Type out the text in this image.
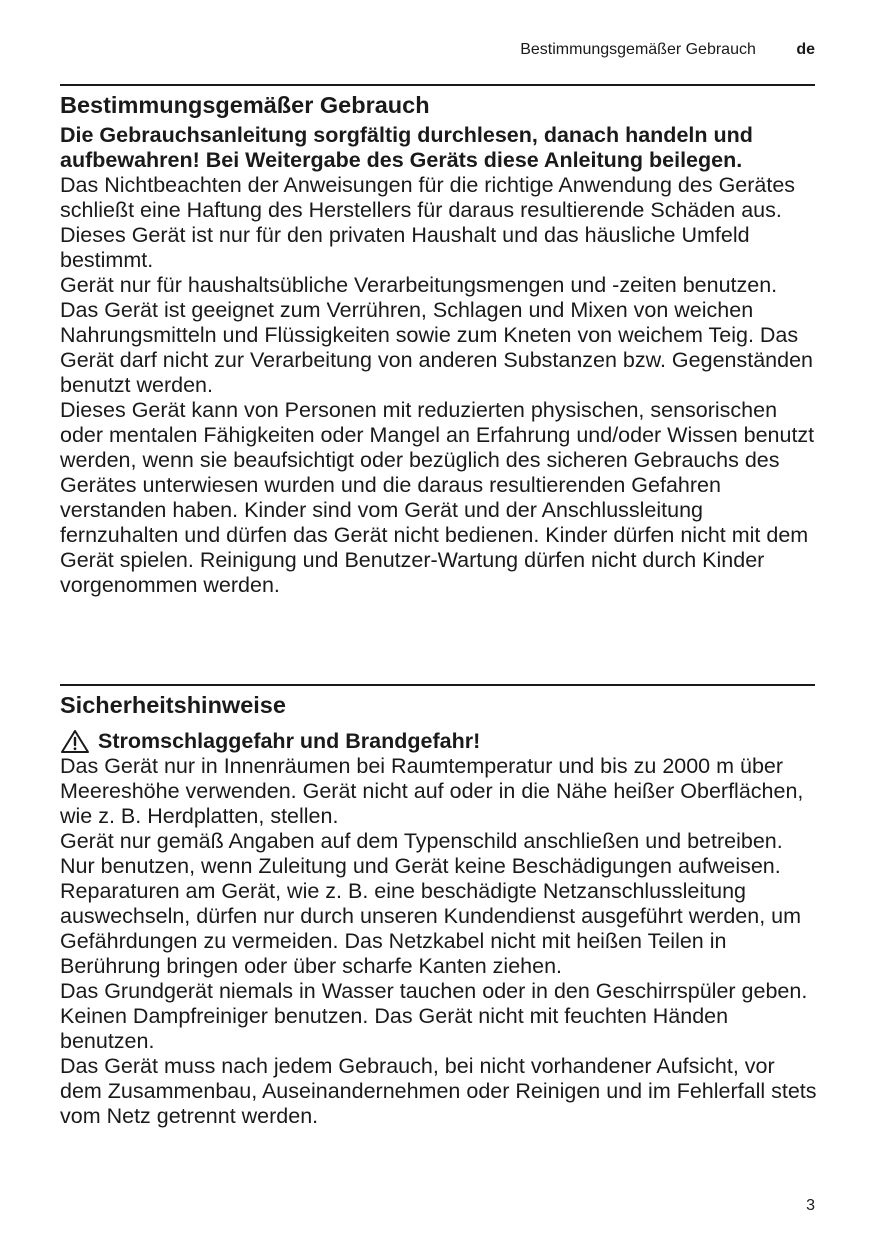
Bestimmungsgemäßer Gebrauch	de
Bestimmungsgemäßer Gebrauch

Die Gebrauchsanleitung sorgfältig durchlesen, danach handeln und aufbewahren! Bei Weitergabe des Geräts diese Anleitung beilegen.

Das Nichtbeachten der Anweisungen für die richtige Anwendung des Gerätes schließt eine Haftung des Herstellers für daraus resultierende Schäden aus.

Dieses Gerät ist nur für den privaten Haushalt und das häusliche Umfeld bestimmt.

Gerät nur für haushaltsübliche Verarbeitungsmengen und -zeiten benutzen. Das Gerät ist geeignet zum Verrühren, Schlagen und Mixen von weichen Nahrungsmitteln und Flüssigkeiten sowie zum Kneten von weichem Teig. Das Gerät darf nicht zur Verarbeitung von anderen Substanzen bzw. Gegenständen benutzt werden.

Dieses Gerät kann von Personen mit reduzierten physischen, sensorischen oder mentalen Fähigkeiten oder Mangel an Erfahrung und/oder Wissen benutzt werden, wenn sie beaufsichtigt oder bezüglich des sicheren Gebrauchs des Gerätes unterwiesen wurden und die daraus resultierenden Gefahren verstanden haben. Kinder sind vom Gerät und der Anschlussleitung fernzuhalten und dürfen das Gerät nicht bedienen. Kinder dürfen nicht mit dem Gerät spielen. Reinigung und Benutzer-Wartung dürfen nicht durch Kinder vorgenommen werden.

Sicherheitshinweise
Stromschlaggefahr und Brandgefahr!

Das Gerät nur in Innenräumen bei Raumtemperatur und bis zu 2000 m über Meereshöhe verwenden. Gerät nicht auf oder in die Nähe heißer Oberflächen, wie z. B. Herdplatten, stellen.

Gerät nur gemäß Angaben auf dem Typenschild anschließen und betreiben. Nur benutzen, wenn Zuleitung und Gerät keine Beschädigungen aufweisen. Reparaturen am Gerät, wie z. B. eine beschädigte Netzanschlussleitung auswechseln, dürfen nur durch unseren Kundendienst ausgeführt werden, um Gefährdungen zu vermeiden. Das Netzkabel nicht mit heißen Teilen in Berührung bringen oder über scharfe Kanten ziehen.

Das Grundgerät niemals in Wasser tauchen oder in den Geschirrspüler geben. Keinen Dampfreiniger benutzen. Das Gerät nicht mit feuchten Händen benutzen.

Das Gerät muss nach jedem Gebrauch, bei nicht vorhandener Aufsicht, vor dem Zusammenbau, Auseinandernehmen oder Reinigen und im Fehlerfall stets vom Netz getrennt werden.

3
